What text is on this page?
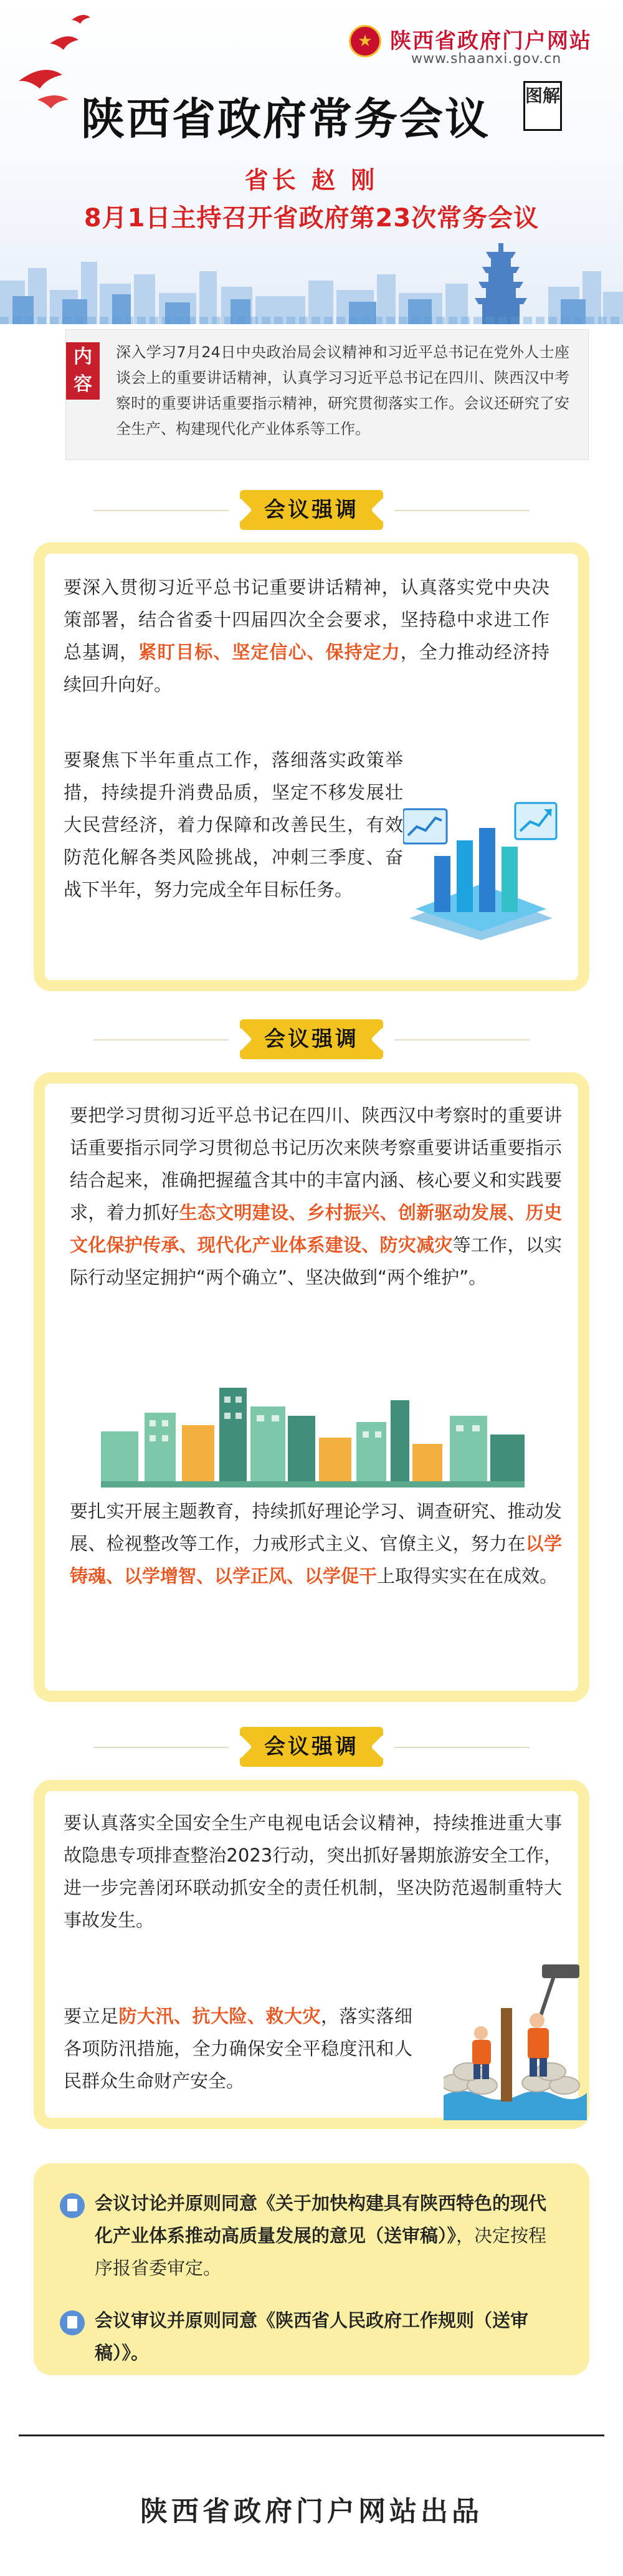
★ 陕西省政府门户网站
www.shaanxi.gov.cn
陕西省政府常务会议 图解
省长 赵 刚
8月1日主持召开省政府第23次常务会议
内容

深入学习7月24日中央政治局会议精神和习近平总书记在党外人士座谈会上的重要讲话精神，认真学习习近平总书记在四川、陕西汉中考察时的重要讲话重要指示精神，研究贯彻落实工作。会议还研究了安全生产、构建现代化产业体系等工作。

会议强调

要深入贯彻习近平总书记重要讲话精神，认真落实党中央决策部署，结合省委十四届四次全会要求，坚持稳中求进工作总基调，紧盯目标、坚定信心、保持定力，全力推动经济持续回升向好。

要聚焦下半年重点工作，落细落实政策举措，持续提升消费品质，坚定不移发展壮大民营经济，着力保障和改善民生，有效防范化解各类风险挑战，冲刺三季度、奋战下半年，努力完成全年目标任务。

会议强调

要把学习贯彻习近平总书记在四川、陕西汉中考察时的重要讲话重要指示同学习贯彻总书记历次来陕考察重要讲话重要指示结合起来，准确把握蕴含其中的丰富内涵、核心要义和实践要求，着力抓好生态文明建设、乡村振兴、创新驱动发展、历史文化保护传承、现代化产业体系建设、防灾减灾等工作，以实际行动坚定拥护“两个确立”、坚决做到“两个维护”。

要扎实开展主题教育，持续抓好理论学习、调查研究、推动发展、检视整改等工作，力戒形式主义、官僚主义，努力在以学铸魂、以学增智、以学正风、以学促干上取得实实在在成效。

会议强调

要认真落实全国安全生产电视电话会议精神，持续推进重大事故隐患专项排查整治2023行动，突出抓好暑期旅游安全工作，进一步完善闭环联动抓安全的责任机制，坚决防范遏制重特大事故发生。

要立足防大汛、抗大险、救大灾，落实落细各项防汛措施，全力确保安全平稳度汛和人民群众生命财产安全。

会议讨论并原则同意《关于加快构建具有陕西特色的现代化产业体系推动高质量发展的意见（送审稿）》，决定按程序报省委审定。

会议审议并原则同意《陕西省人民政府工作规则（送审稿）》。

陕西省政府门户网站出品
